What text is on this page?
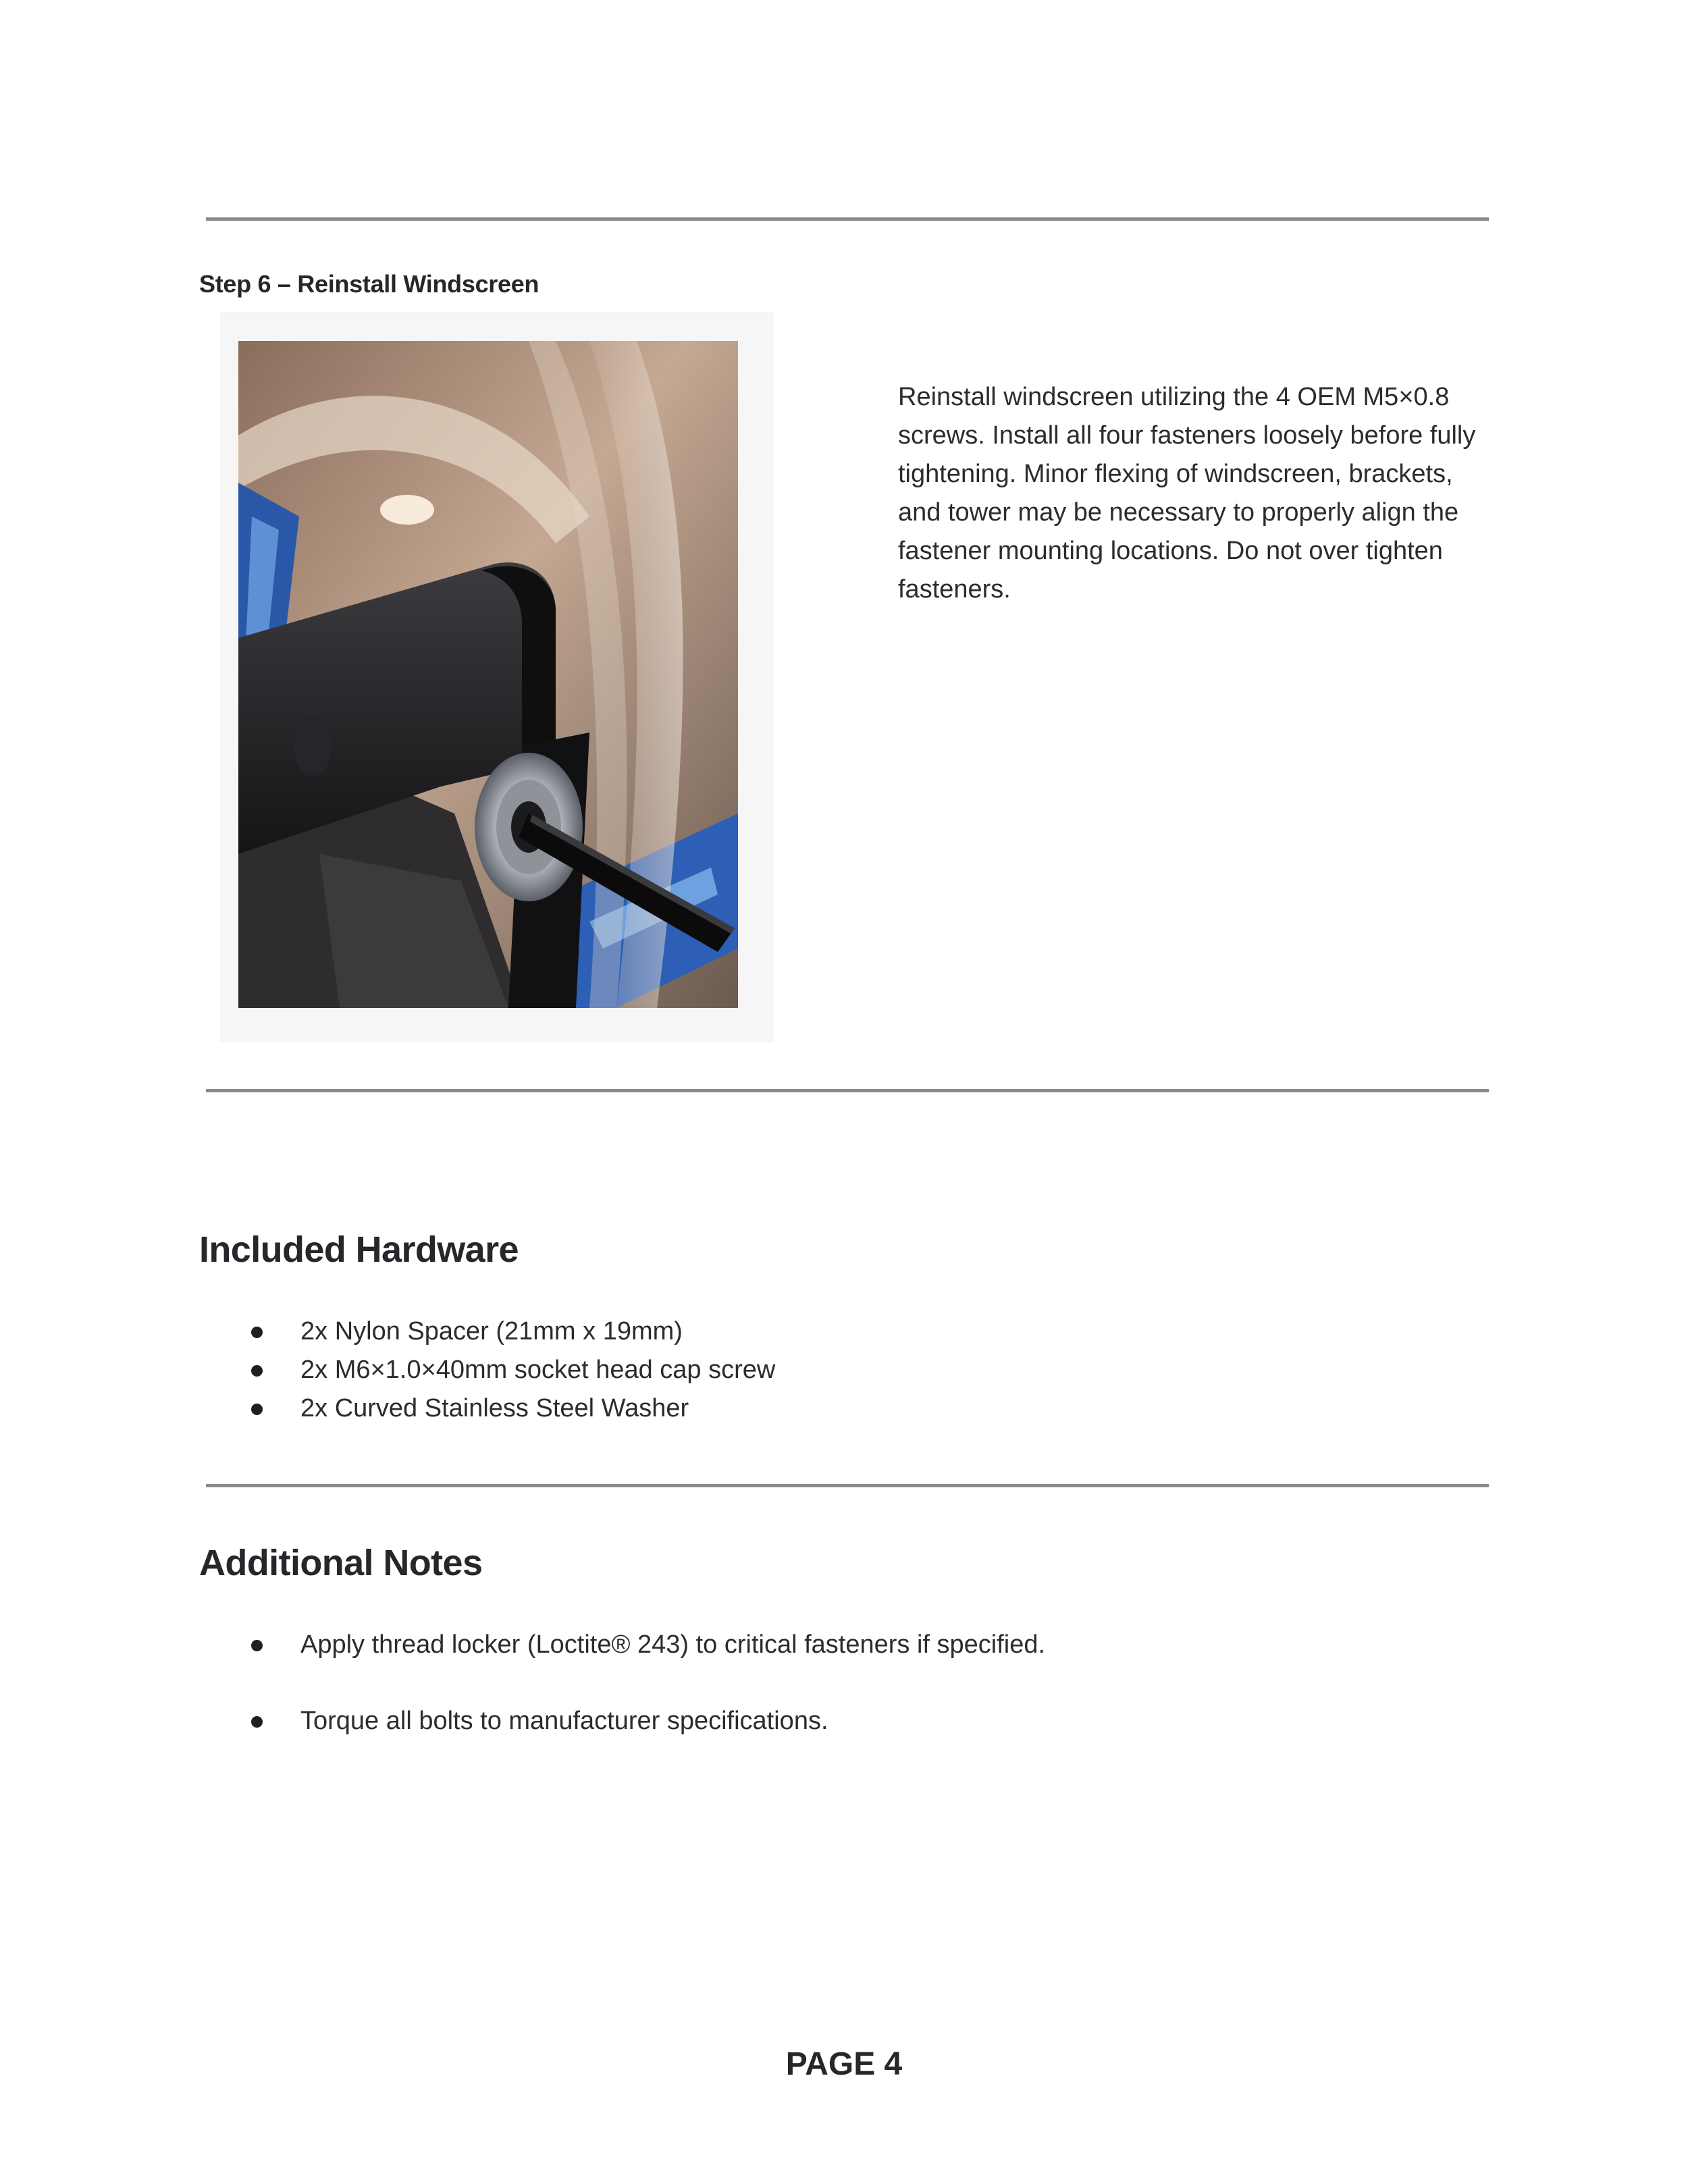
Step 6 – Reinstall Windscreen

Reinstall windscreen utilizing the 4 OEM M5×0.8 screws. Install all four fasteners loosely before fully tightening. Minor flexing of windscreen, brackets, and tower may be necessary to properly align the fastener mounting locations. Do not over tighten fasteners.

Included Hardware
2x Nylon Spacer (21mm x 19mm)
2x M6×1.0×40mm socket head cap screw
2x Curved Stainless Steel Washer
Additional Notes
Apply thread locker (Loctite® 243) to critical fasteners if specified.
Torque all bolts to manufacturer specifications.
PAGE 4
